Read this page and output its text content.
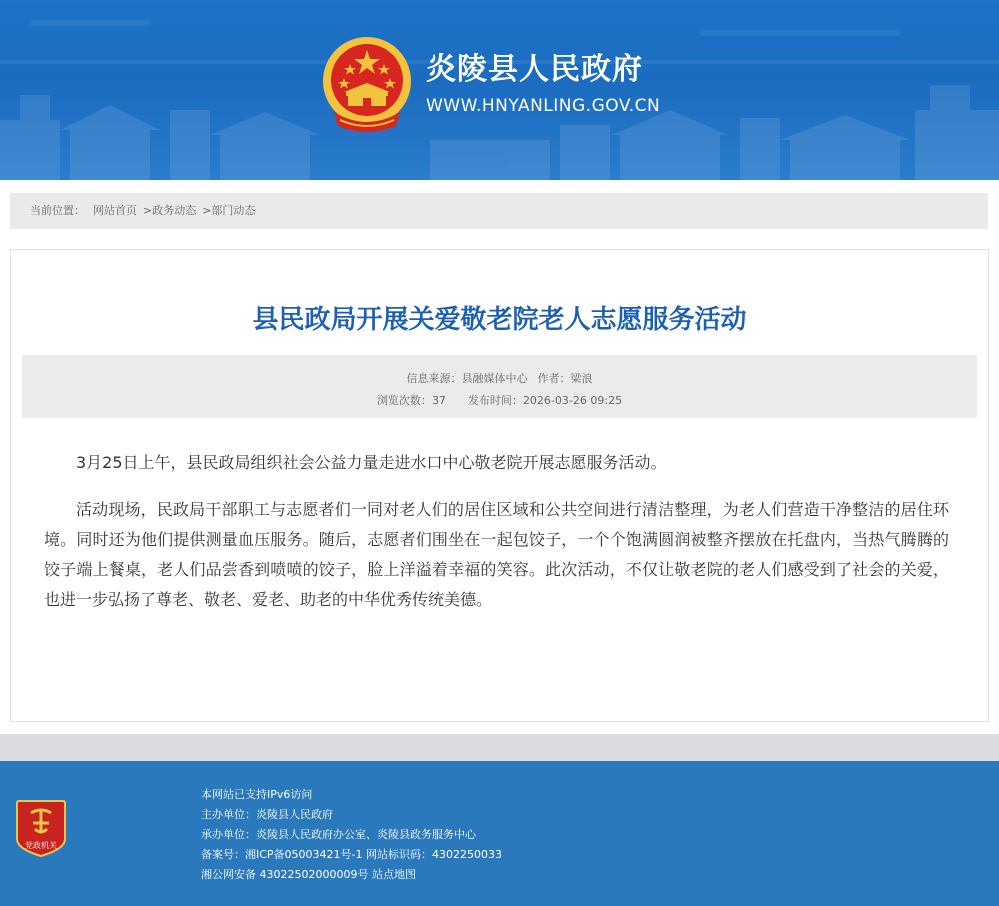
炎陵县人民政府
WWW.HNYANLING.GOV.CN
当前位置： 网站首页 >政务动态 >部门动态
县民政局开展关爱敬老院老人志愿服务活动
信息来源：县融媒体中心 作者：梁浪
浏览次数：37 发布时间：2026-03-26 09:25

3月25日上午，县民政局组织社会公益力量走进水口中心敬老院开展志愿服务活动。

活动现场，民政局干部职工与志愿者们一同对老人们的居住区域和公共空间进行清洁整理，为老人们营造干净整洁的居住环境。同时还为他们提供测量血压服务。随后，志愿者们围坐在一起包饺子，一个个饱满圆润被整齐摆放在托盘内，当热气腾腾的饺子端上餐桌，老人们品尝香到喷喷的饺子，脸上洋溢着幸福的笑容。此次活动，不仅让敬老院的老人们感受到了社会的关爱，也进一步弘扬了尊老、敬老、爱老、助老的中华优秀传统美德。

党政机关
本网站已支持IPv6访问
主办单位：炎陵县人民政府
承办单位：炎陵县人民政府办公室、炎陵县政务服务中心
备案号：湘ICP备05003421号-1 网站标识码：4302250033
湘公网安备 43022502000009号 站点地图
